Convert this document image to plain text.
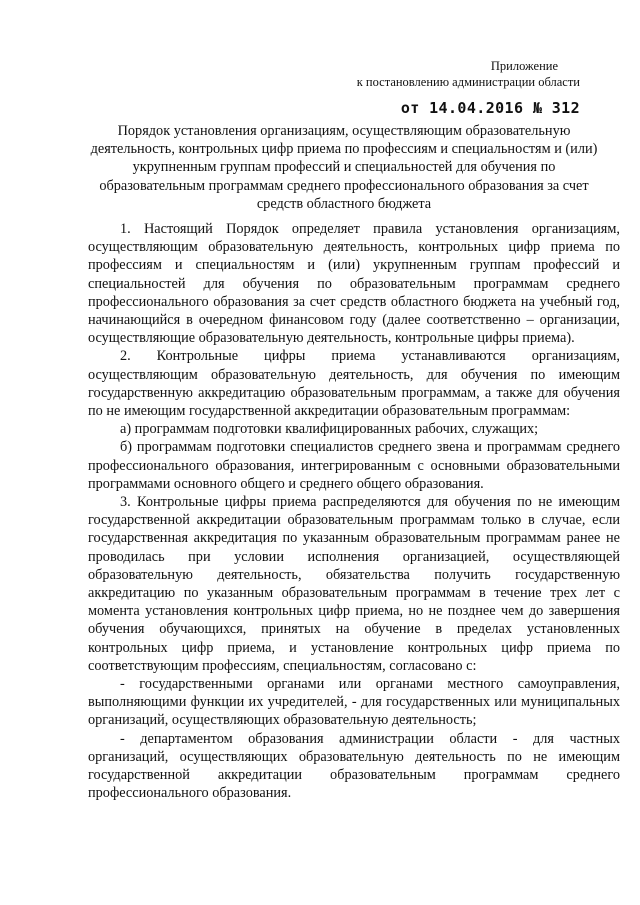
Приложение
к постановлению администрации области
от 14.04.2016 № 312
Порядок установления организациям, осуществляющим образовательную
деятельность, контрольных цифр приема по профессиям и специальностям и (или)
укрупненным группам профессий и специальностей для обучения по
образовательным программам среднего профессионального образования за счет
средств областного бюджета

1. Настоящий Порядок определяет правила установления организациям, осуществляющим образовательную деятельность, контрольных цифр приема по профессиям и специальностям и (или) укрупненным группам профессий и специальностей для обучения по образовательным программам среднего профессионального образования за счет средств областного бюджета на учебный год, начинающийся в очередном финансовом году (далее соответственно – организации, осуществляющие образовательную деятельность, контрольные цифры приема).

2. Контрольные цифры приема устанавливаются организациям, осуществляющим образовательную деятельность, для обучения по имеющим государственную аккредитацию образовательным программам, а также для обучения по не имеющим государственной аккредитации образовательным программам:

а) программам подготовки квалифицированных рабочих, служащих;

б) программам подготовки специалистов среднего звена и программам среднего профессионального образования, интегрированным с основными образовательными программами основного общего и среднего общего образования.

3. Контрольные цифры приема распределяются для обучения по не имеющим государственной аккредитации образовательным программам только в случае, если государственная аккредитация по указанным образовательным программам ранее не проводилась при условии исполнения организацией, осуществляющей образовательную деятельность, обязательства получить государственную аккредитацию по указанным образовательным программам в течение трех лет с момента установления контрольных цифр приема, но не позднее чем до завершения обучения обучающихся, принятых на обучение в пределах установленных контрольных цифр приема, и установление контрольных цифр приема по соответствующим профессиям, специальностям, согласовано с:

- государственными органами или органами местного самоуправления, выполняющими функции их учредителей, - для государственных или муниципальных организаций, осуществляющих образовательную деятельность;

- департаментом образования администрации области - для частных организаций, осуществляющих образовательную деятельность по не имеющим государственной аккредитации образовательным программам среднего профессионального образования.
